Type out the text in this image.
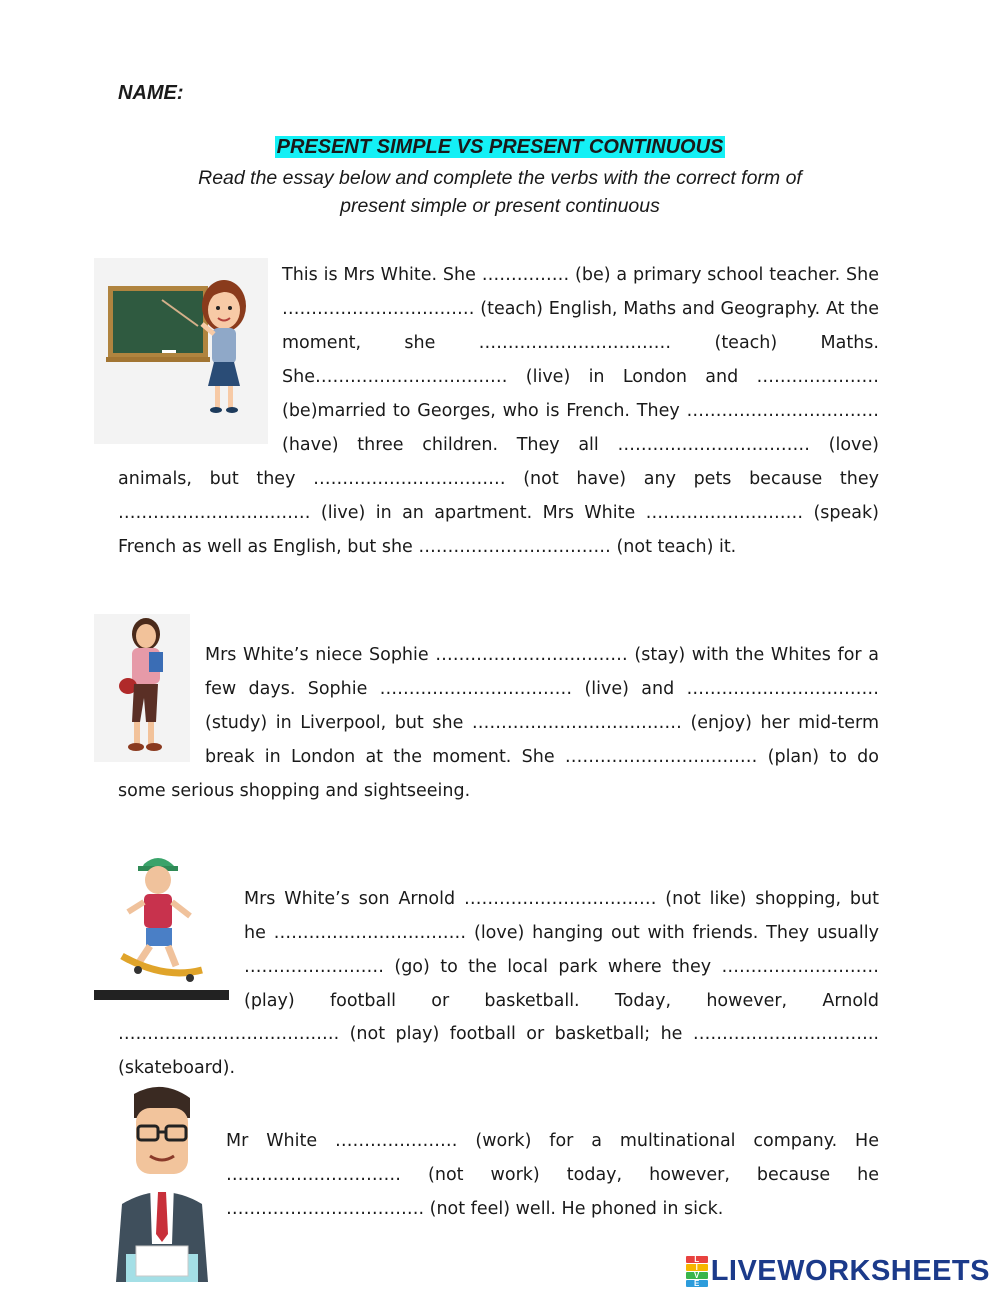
NAME:
PRESENT SIMPLE VS PRESENT CONTINUOUS
Read the essay below and complete the verbs with the correct form of
present simple or present continuous
This is Mrs White. She …………… (be) a primary school teacher. She …………………………… (teach) English, Maths and Geography. At the moment, she …………………………… (teach) Maths. She…………………………… (live) in London and ………………… (be)married to Georges, who is French. They …………………………… (have) three children. They all …………………………… (love)
Mrs White’s niece Sophie …………………………… (stay) with the Whites for a few days. Sophie …………………………… (live) and …………………………… (study) in Liverpool, but she ……………………………… (enjoy) her mid-term break in London at the moment. She …………………………… (plan) to do
Mrs White’s son Arnold …………………………… (not like) shopping, but he …………………………… (love) hanging out with friends. They usually …………………… (go) to the local park where they ……………………… (play) football or basketball. Today, however, Arnold
Mr White ………………… (work) for a multinational company. He ………………………… (not work) today, however, because he ……………………………. (not feel) well. He phoned in sick.
animals, but they …………………………… (not have) any pets because they …………………………… (live) in an apartment. Mrs White ……………………… (speak) French as well as English, but she …………………………… (not teach) it.
some serious shopping and sightseeing.
…………………………….…. (not play) football or basketball; he ………………………….. (skateboard).
L
I
V
E LIVEWORKSHEETS
